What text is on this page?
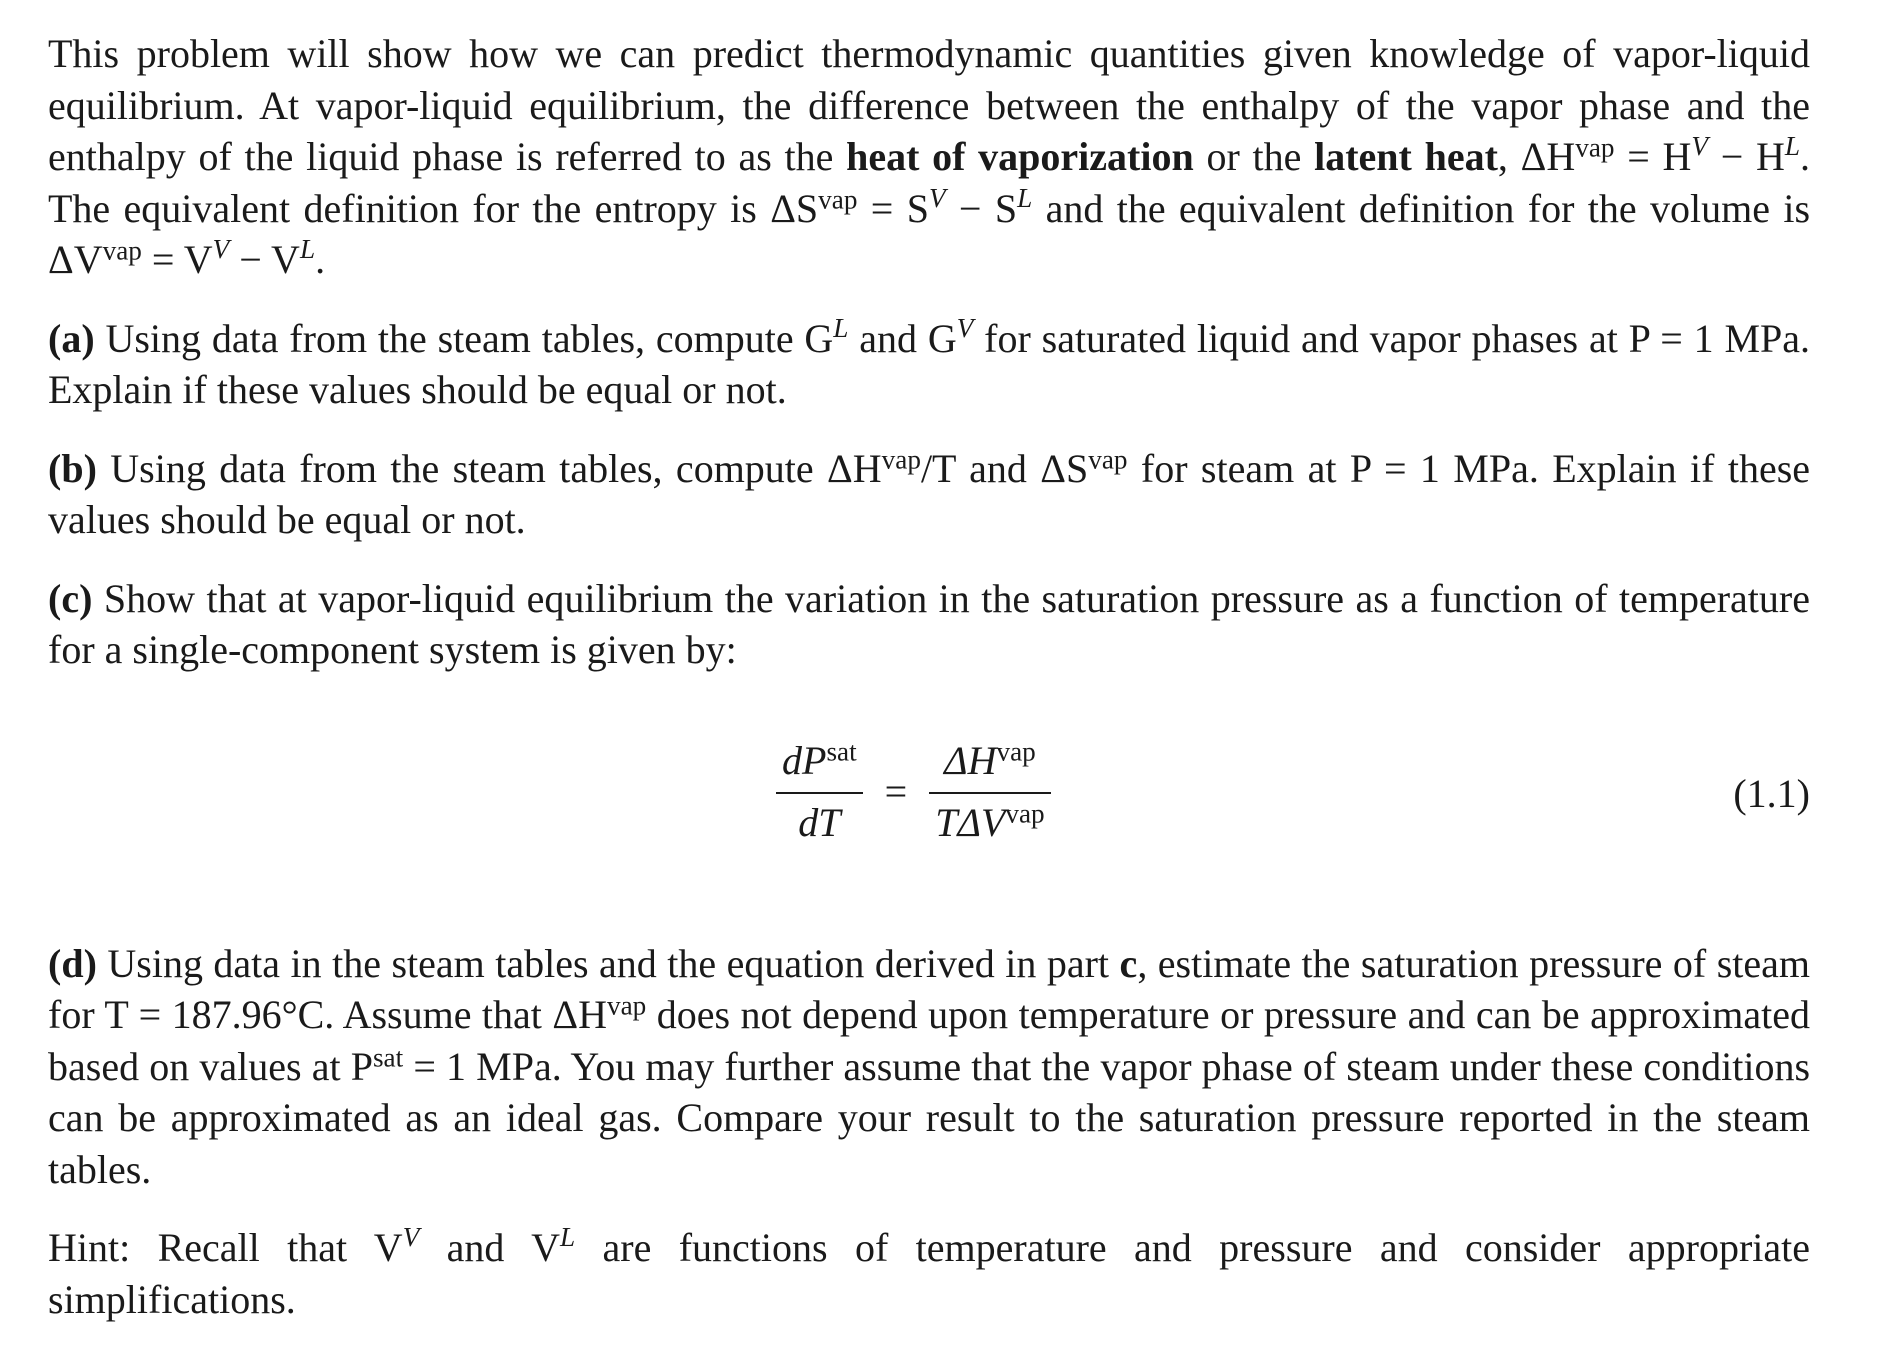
This problem will show how we can predict thermodynamic quantities given knowledge of vapor-liquid equilibrium. At vapor-liquid equilibrium, the difference between the enthalpy of the vapor phase and the enthalpy of the liquid phase is referred to as the heat of vaporization or the latent heat, $\Delta H^{vap} = H^V - H^L$. The equivalent definition for the entropy is $\Delta S^{vap} = S^V - S^L$ and the equivalent definition for the volume is $\Delta V^{vap} = V^V - V^L$.

(a) Using data from the steam tables, compute $G^L$ and $G^V$ for saturated liquid and vapor phases at P = 1 MPa. Explain if these values should be equal or not.

(b) Using data from the steam tables, compute $\Delta H^{vap}/T$ and $\Delta S^{vap}$ for steam at P = 1 MPa. Explain if these values should be equal or not.

(c) Show that at vapor-liquid equilibrium the variation in the saturation pressure as a function of temperature for a single-component system is given by:

$\frac{dP^{sat}}{dT} = \frac{\Delta H^{vap}}{T\Delta V^{vap}}$	(1.1)

(d) Using data in the steam tables and the equation derived in part c, estimate the saturation pressure of steam for T = 187.96°C. Assume that $\Delta H^{vap}$ does not depend upon temperature or pressure and can be approximated based on values at $P^{sat} = 1$ MPa. You may further assume that the vapor phase of steam under these conditions can be approximated as an ideal gas. Compare your result to the saturation pressure reported in the steam tables.

Hint: Recall that $V^V$ and $V^L$ are functions of temperature and pressure and consider appropriate simplifications.
